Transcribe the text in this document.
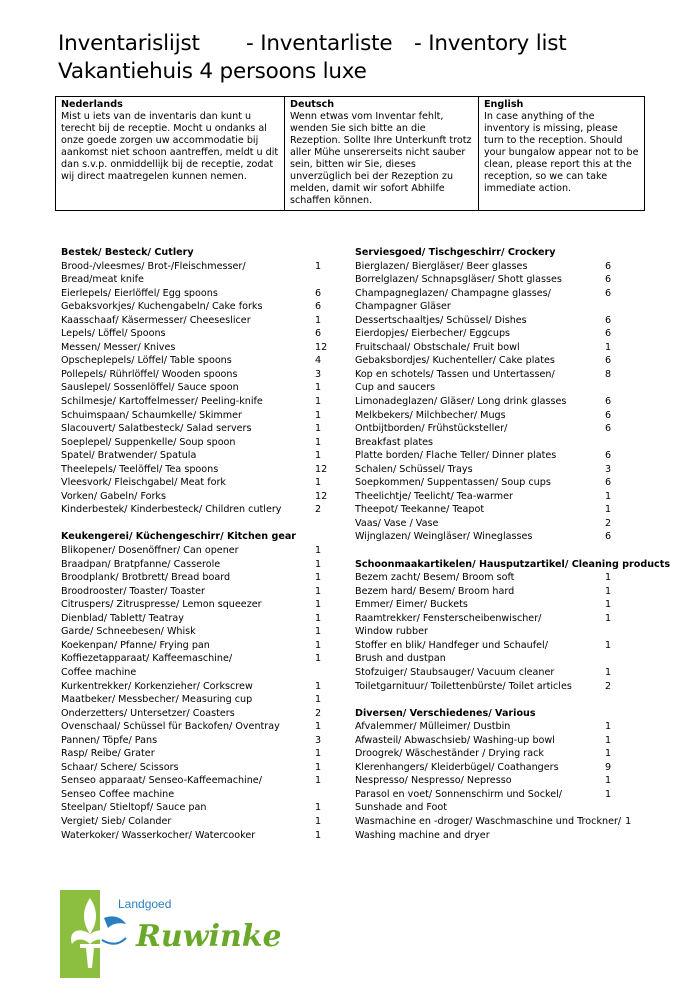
Inventarislijst - Inventarliste - Inventory list
Vakantiehuis 4 persoons luxe
Nederlands
Mist u iets van de inventaris dan kunt u terecht bij de receptie. Mocht u ondanks al onze goede zorgen uw accommodatie bij aankomst niet schoon aantreffen, meldt u dit dan s.v.p. onmiddellijk bij de receptie, zodat wij direct maatregelen kunnen nemen.
Deutsch
Wenn etwas vom Inventar fehlt, wenden Sie sich bitte an die Rezeption. Sollte Ihre Unterkunft trotz aller Mühe unsererseits nicht sauber sein, bitten wir Sie, dieses unverzüglich bei der Rezeption zu melden, damit wir sofort Abhilfe schaffen können.
English
In case anything of the inventory is missing, please turn to the reception. Should your bungalow appear not to be clean, please report this at the reception, so we can take immediate action.
Bestek/ Besteck/ Cutlery
Brood-/vleesmes/ Brot-/Fleischmesser/	1
Bread/meat knife
Eierlepels/ Eierlöffel/ Egg spoons	6
Gebaksvorkjes/ Kuchengabeln/ Cake forks	6
Kaasschaaf/ Käsermesser/ Cheeseslicer	1
Lepels/ Löffel/ Spoons	6
Messen/ Messer/ Knives	12
Opscheplepels/ Löffel/ Table spoons	4
Pollepels/ Rührlöffel/ Wooden spoons	3
Sauslepel/ Sossenlöffel/ Sauce spoon	1
Schilmesje/ Kartoffelmesser/ Peeling-knife	1
Schuimspaan/ Schaumkelle/ Skimmer	1
Slacouvert/ Salatbesteck/ Salad servers	1
Soeplepel/ Suppenkelle/ Soup spoon	1
Spatel/ Bratwender/ Spatula	1
Theelepels/ Teelöffel/ Tea spoons	12
Vleesvork/ Fleischgabel/ Meat fork	1
Vorken/ Gabeln/ Forks	12
Kinderbestek/ Kinderbesteck/ Children cutlery	2
Keukengerei/ Küchengeschirr/ Kitchen gear
Blikopener/ Dosenöffner/ Can opener	1
Braadpan/ Bratpfanne/ Casserole	1
Broodplank/ Brotbrett/ Bread board	1
Broodrooster/ Toaster/ Toaster	1
Citruspers/ Zitruspresse/ Lemon squeezer	1
Dienblad/ Tablett/ Teatray	1
Garde/ Schneebesen/ Whisk	1
Koekenpan/ Pfanne/ Frying pan	1
Koffiezetapparaat/ Kaffeemaschine/	1
Coffee machine
Kurkentrekker/ Korkenzieher/ Corkscrew	1
Maatbeker/ Messbecher/ Measuring cup	1
Onderzetters/ Untersetzer/ Coasters	2
Ovenschaal/ Schüssel für Backofen/ Oventray	1
Pannen/ Töpfe/ Pans	3
Rasp/ Reibe/ Grater	1
Schaar/ Schere/ Scissors	1
Senseo apparaat/ Senseo-Kaffeemachine/	1
Senseo Coffee machine
Steelpan/ Stieltopf/ Sauce pan	1
Vergiet/ Sieb/ Colander	1
Waterkoker/ Wasserkocher/ Watercooker	1
Serviesgoed/ Tischgeschirr/ Crockery
Bierglazen/ Biergläser/ Beer glasses	6
Borrelglazen/ Schnapsgläser/ Shott glasses	6
Champagneglazen/ Champagne glasses/	6
Champagner Gläser
Dessertschaaltjes/ Schüssel/ Dishes	6
Eierdopjes/ Eierbecher/ Eggcups	6
Fruitschaal/ Obstschale/ Fruit bowl	1
Gebaksbordjes/ Kuchenteller/ Cake plates	6
Kop en schotels/ Tassen und Untertassen/	8
Cup and saucers
Limonadeglazen/ Gläser/ Long drink glasses	6
Melkbekers/ Milchbecher/ Mugs	6
Ontbijtborden/ Frühstücksteller/	6
Breakfast plates
Platte borden/ Flache Teller/ Dinner plates	6
Schalen/ Schüssel/ Trays	3
Soepkommen/ Suppentassen/ Soup cups	6
Theelichtje/ Teelicht/ Tea-warmer	1
Theepot/ Teekanne/ Teapot	1
Vaas/ Vase / Vase	2
Wijnglazen/ Weingläser/ Wineglasses	6
Schoonmaakartikelen/ Hausputzartikel/ Cleaning products
Bezem zacht/ Besem/ Broom soft	1
Bezem hard/ Besem/ Broom hard	1
Emmer/ Eimer/ Buckets	1
Raamtrekker/ Fensterscheibenwischer/	1
Window rubber
Stoffer en blik/ Handfeger und Schaufel/	1
Brush and dustpan
Stofzuiger/ Staubsauger/ Vacuum cleaner	1
Toiletgarnituur/ Toilettenbürste/ Toilet articles	2
Diversen/ Verschiedenes/ Various
Afvalemmer/ Mülleimer/ Dustbin	1
Afwasteil/ Abwaschsieb/ Washing-up bowl	1
Droogrek/ Wäscheständer / Drying rack	1
Klerenhangers/ Kleiderbügel/ Coathangers	9
Nespresso/ Nespresso/ Nepresso	1
Parasol en voet/ Sonnenschirm und Sockel/	1
Sunshade and Foot
Wasmachine en -droger/ Waschmaschine und Trockner/ 1
Washing machine and dryer
Landgoed
Ruwinkel
